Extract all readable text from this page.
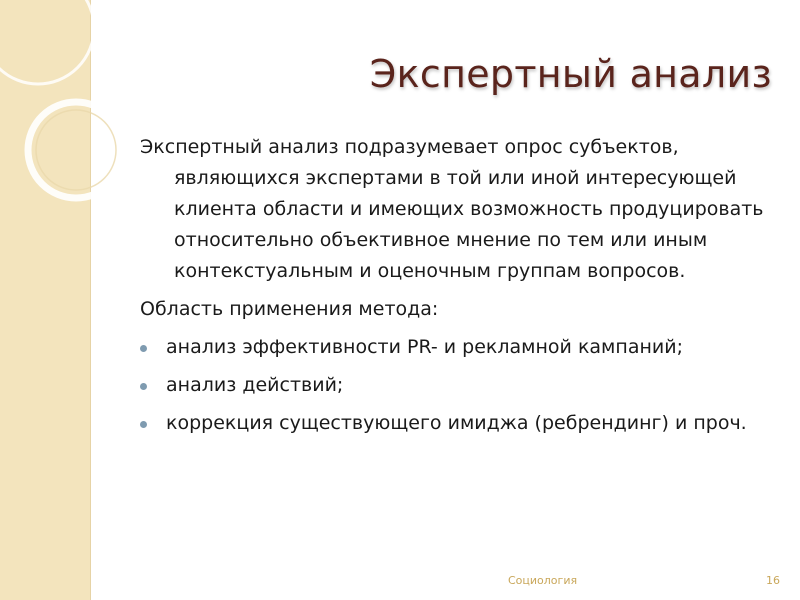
Экспертный анализ

Экспертный анализ подразумевает опрос субъектов, являющихся экспертами в той или иной интересующей клиента области и имеющих возможность продуцировать относительно объективное мнение по тем или иным контекстуальным и оценочным группам вопросов.

Область применения метода:

анализ эффективности PR- и рекламной кампаний;
анализ действий;
коррекция существующего имиджа (ребрендинг) и проч.
Социология	16
